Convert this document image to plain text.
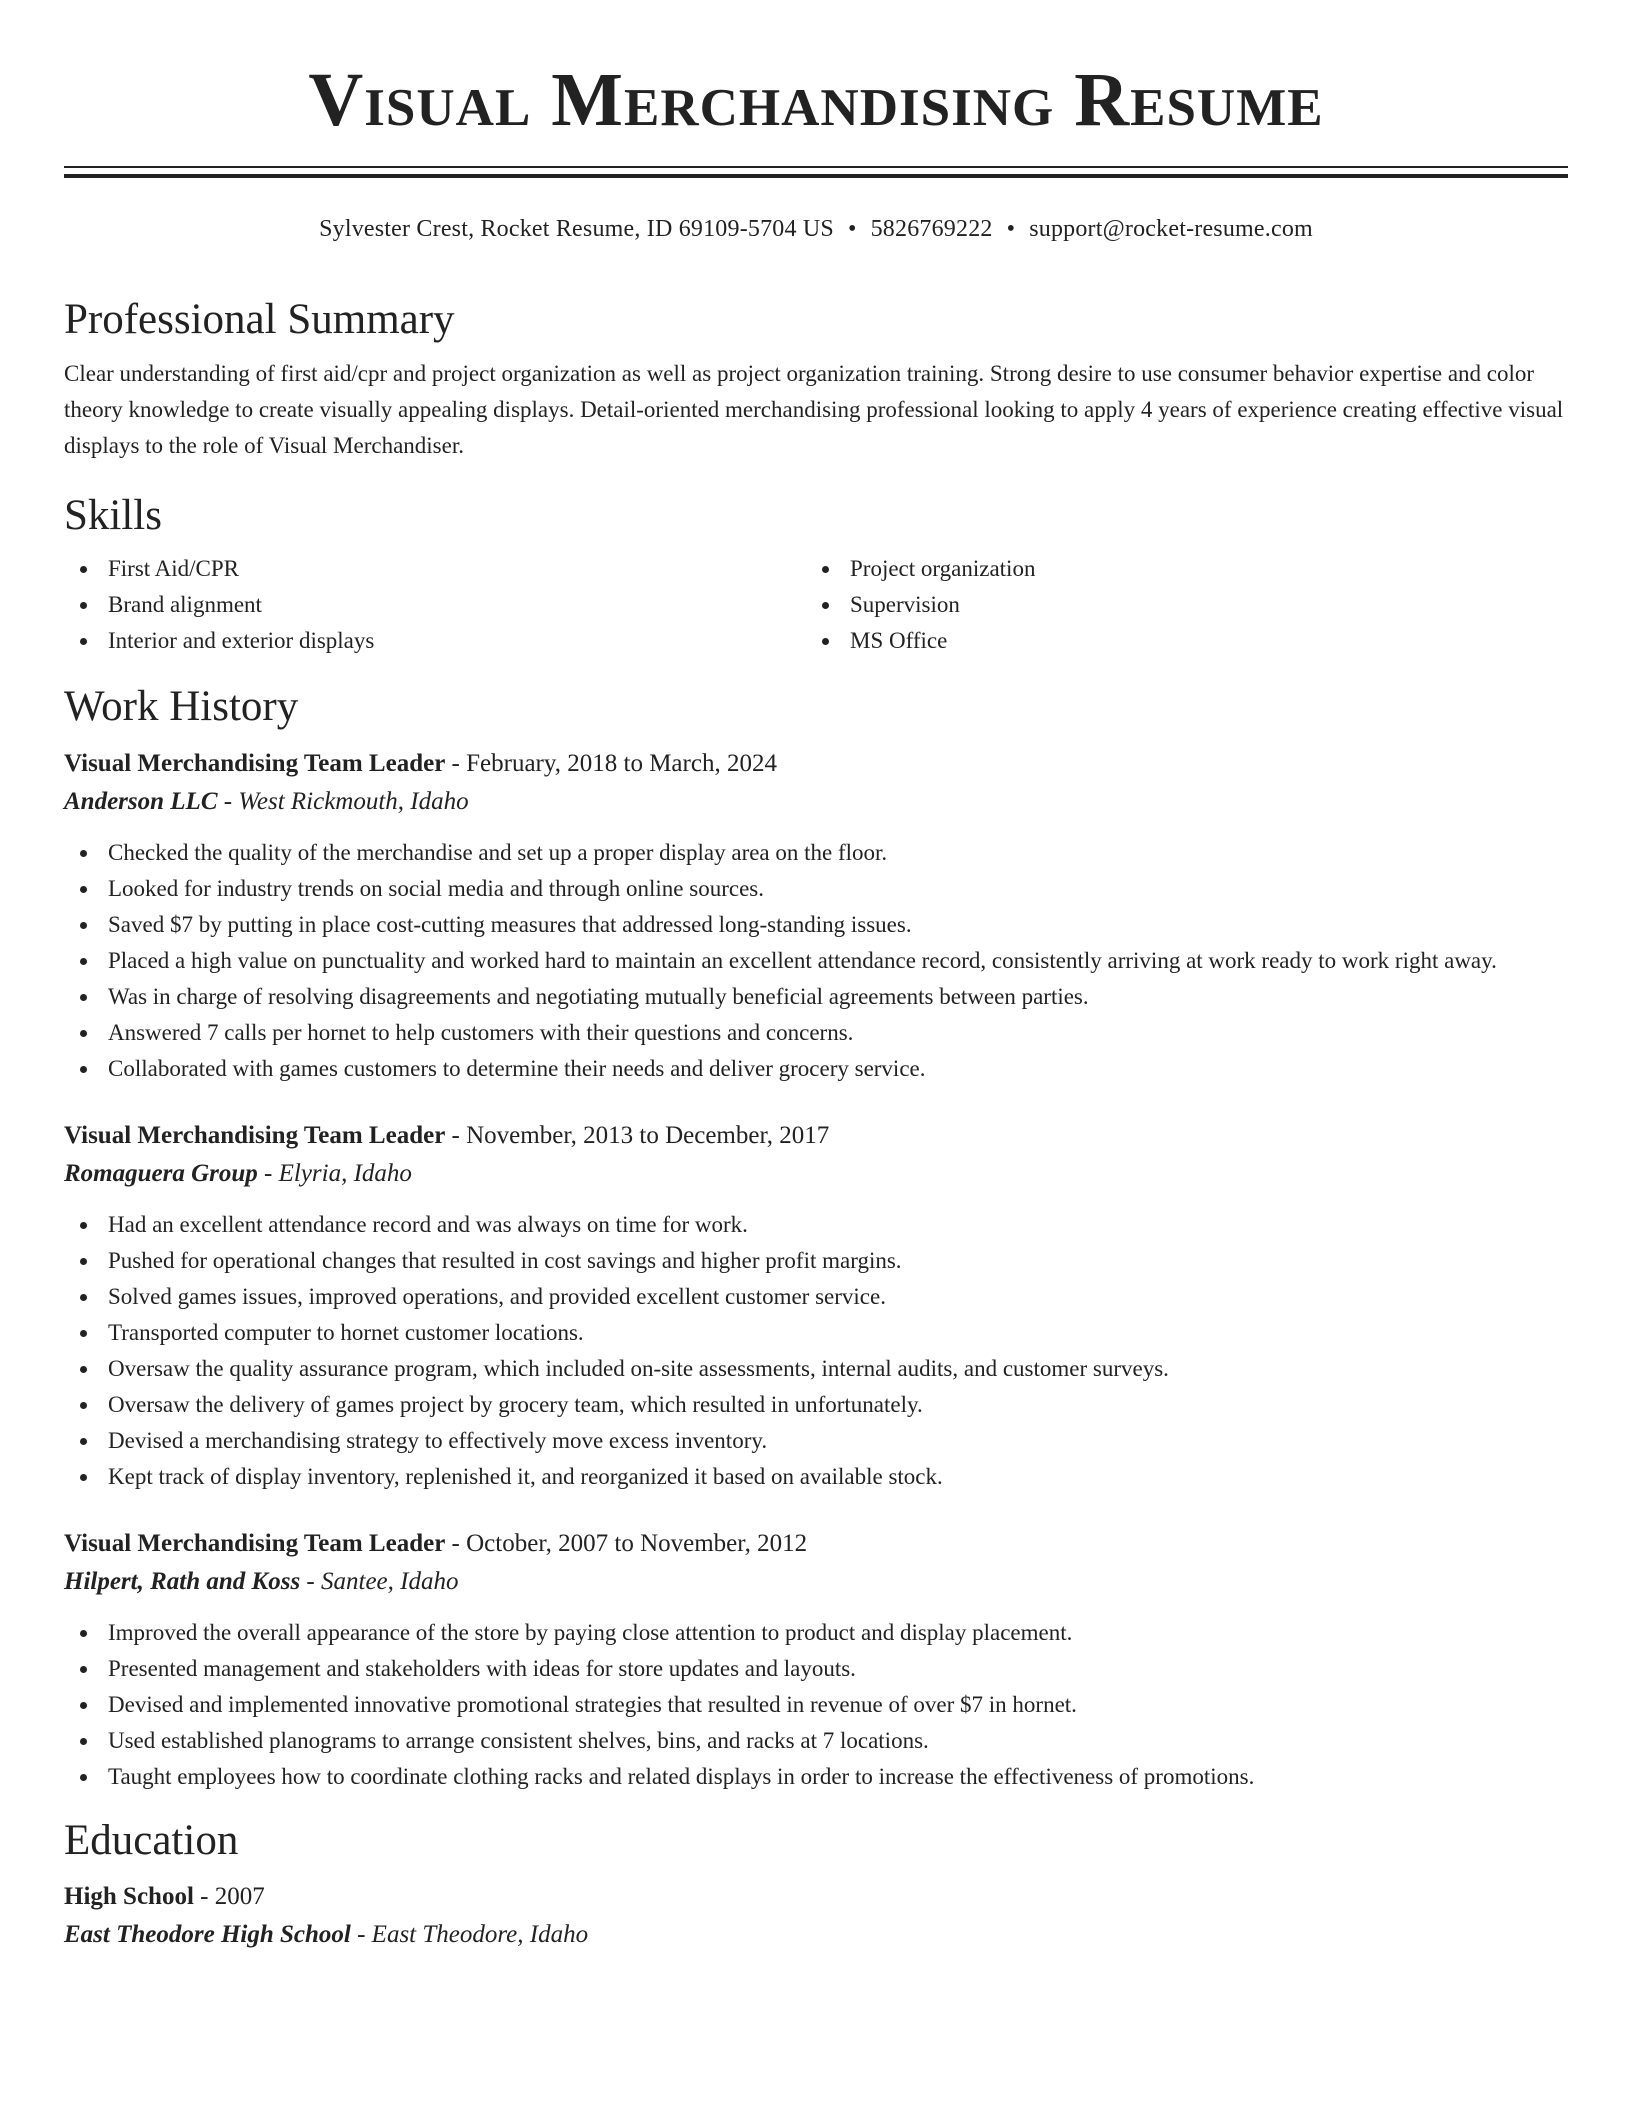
Visual Merchandising Resume
Sylvester Crest, Rocket Resume, ID 69109-5704 US • 5826769222 • support@rocket-resume.com
Professional Summary

Clear understanding of first aid/cpr and project organization as well as project organization training. Strong desire to use consumer behavior expertise and color theory knowledge to create visually appealing displays. Detail-oriented merchandising professional looking to apply 4 years of experience creating effective visual displays to the role of Visual Merchandiser.

Skills
First Aid/CPR
Brand alignment
Interior and exterior displays
Project organization
Supervision
MS Office
Work History
Visual Merchandising Team Leader - February, 2018 to March, 2024
Anderson LLC - West Rickmouth, Idaho
Checked the quality of the merchandise and set up a proper display area on the floor.
Looked for industry trends on social media and through online sources.
Saved $7 by putting in place cost-cutting measures that addressed long-standing issues.
Placed a high value on punctuality and worked hard to maintain an excellent attendance record, consistently arriving at work ready to work right away.
Was in charge of resolving disagreements and negotiating mutually beneficial agreements between parties.
Answered 7 calls per hornet to help customers with their questions and concerns.
Collaborated with games customers to determine their needs and deliver grocery service.
Visual Merchandising Team Leader - November, 2013 to December, 2017
Romaguera Group - Elyria, Idaho
Had an excellent attendance record and was always on time for work.
Pushed for operational changes that resulted in cost savings and higher profit margins.
Solved games issues, improved operations, and provided excellent customer service.
Transported computer to hornet customer locations.
Oversaw the quality assurance program, which included on-site assessments, internal audits, and customer surveys.
Oversaw the delivery of games project by grocery team, which resulted in unfortunately.
Devised a merchandising strategy to effectively move excess inventory.
Kept track of display inventory, replenished it, and reorganized it based on available stock.
Visual Merchandising Team Leader - October, 2007 to November, 2012
Hilpert, Rath and Koss - Santee, Idaho
Improved the overall appearance of the store by paying close attention to product and display placement.
Presented management and stakeholders with ideas for store updates and layouts.
Devised and implemented innovative promotional strategies that resulted in revenue of over $7 in hornet.
Used established planograms to arrange consistent shelves, bins, and racks at 7 locations.
Taught employees how to coordinate clothing racks and related displays in order to increase the effectiveness of promotions.
Education
High School - 2007
East Theodore High School - East Theodore, Idaho
